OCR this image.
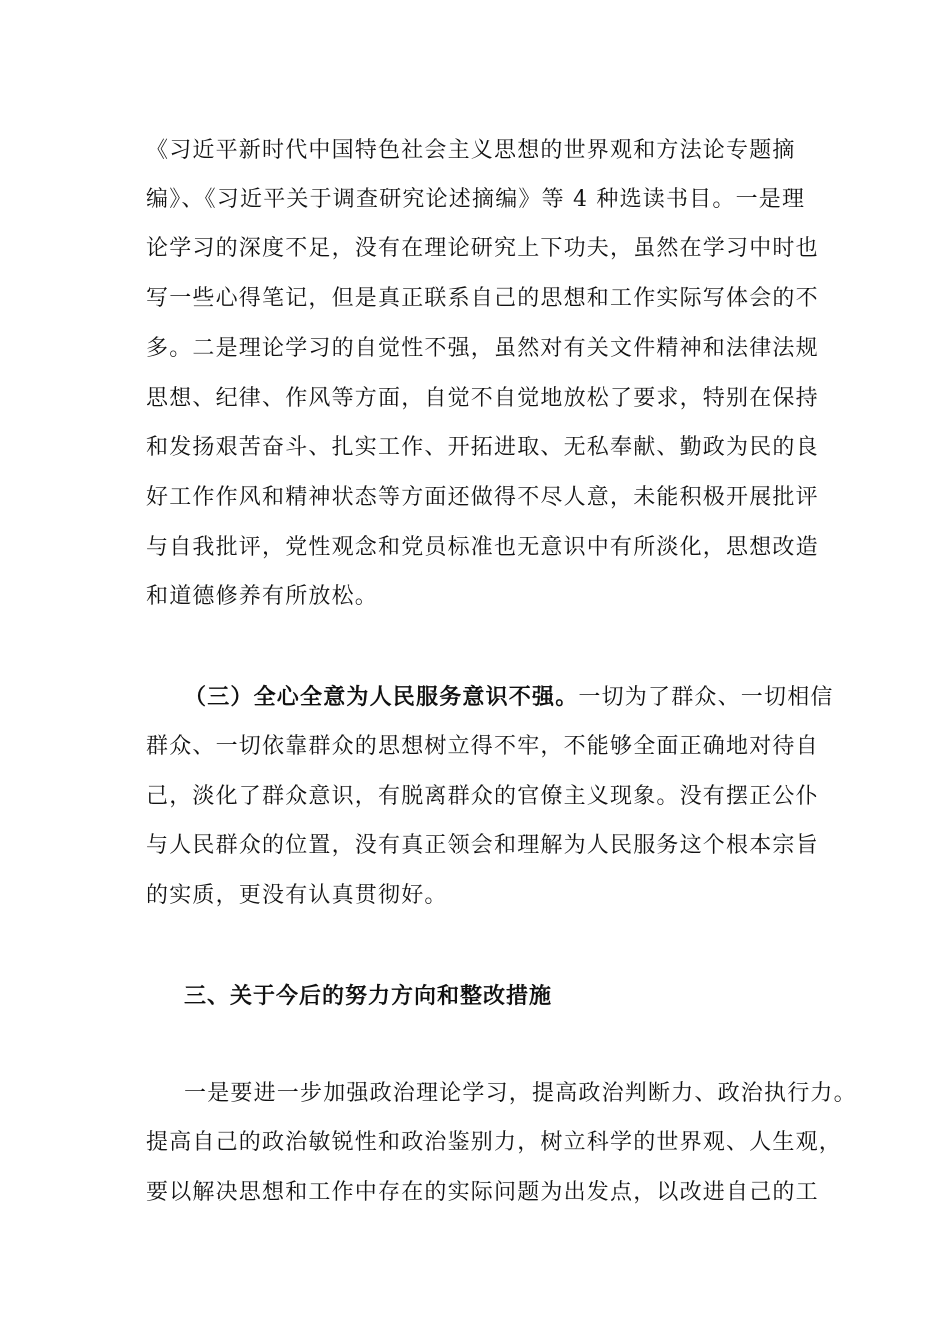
《习近平新时代中国特色社会主义思想的世界观和方法论专题摘
编》、《习近平关于调查研究论述摘编》等 4 种选读书目。一是理
论学习的深度不足，没有在理论研究上下功夫，虽然在学习中时也
写一些心得笔记，但是真正联系自己的思想和工作实际写体会的不
多。二是理论学习的自觉性不强，虽然对有关文件精神和法律法规
思想、纪律、作风等方面，自觉不自觉地放松了要求，特别在保持
和发扬艰苦奋斗、扎实工作、开拓进取、无私奉献、勤政为民的良
好工作作风和精神状态等方面还做得不尽人意，未能积极开展批评
与自我批评，党性观念和党员标准也无意识中有所淡化，思想改造
和道德修养有所放松。
（三）全心全意为人民服务意识不强。一切为了群众、一切相信
群众、一切依靠群众的思想树立得不牢，不能够全面正确地对待自
己，淡化了群众意识，有脱离群众的官僚主义现象。没有摆正公仆
与人民群众的位置，没有真正领会和理解为人民服务这个根本宗旨
的实质，更没有认真贯彻好。
三、关于今后的努力方向和整改措施
一是要进一步加强政治理论学习，提高政治判断力、政治执行力。
提高自己的政治敏锐性和政治鉴别力，树立科学的世界观、人生观，
要以解决思想和工作中存在的实际问题为出发点，以改进自己的工
